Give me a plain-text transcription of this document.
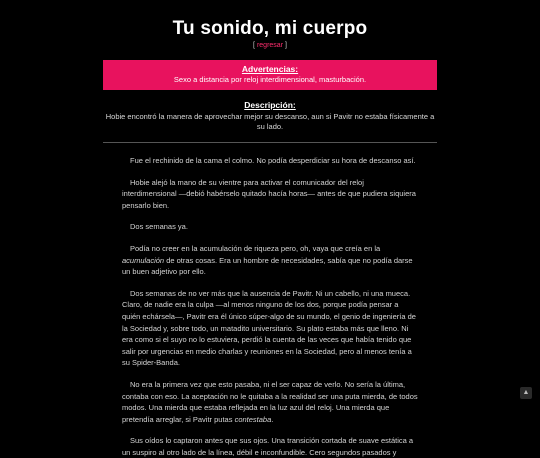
Tu sonido, mi cuerpo
[ regresar ]
Advertencias:

Sexo a distancia por reloj interdimensional, masturbación.

Descripción:

Hobie encontró la manera de aprovechar mejor su descanso, aun si Pavitr no estaba físicamente a su lado.

Fue el rechinido de la cama el colmo. No podía desperdiciar su hora de descanso así.

Hobie alejó la mano de su vientre para activar el comunicador del reloj interdimensional —debió habérselo quitado hacía horas— antes de que pudiera siquiera pensarlo bien.

Dos semanas ya.

Podía no creer en la acumulación de riqueza pero, oh, vaya que creía en la acumulación de otras cosas. Era un hombre de necesidades, sabía que no podía darse un buen adjetivo por ello.

Dos semanas de no ver más que la ausencia de Pavitr. Ni un cabello, ni una mueca. Claro, de nadie era la culpa —al menos ninguno de los dos, porque podía pensar a quién echársela—, Pavitr era él único súper-algo de su mundo, el genio de ingeniería de la Sociedad y, sobre todo, un matadito universitario. Su plato estaba más que lleno. Ni era como si el suyo no lo estuviera, perdió la cuenta de las veces que había tenido que salir por urgencias en medio charlas y reuniones en la Sociedad, pero al menos tenía a su Spider-Banda.

No era la primera vez que esto pasaba, ni el ser capaz de verlo. No sería la última, contaba con eso. La aceptación no le quitaba a la realidad ser una puta mierda, de todos modos. Una mierda que estaba reflejada en la luz azul del reloj. Una mierda que pretendía arreglar, si Pavitr putas contestaba.

Sus oídos lo captaron antes que sus ojos. Una transición cortada de suave estática a un suspiro al otro lado de la línea, débil e inconfundible. Cero segundos pasados y

▲
